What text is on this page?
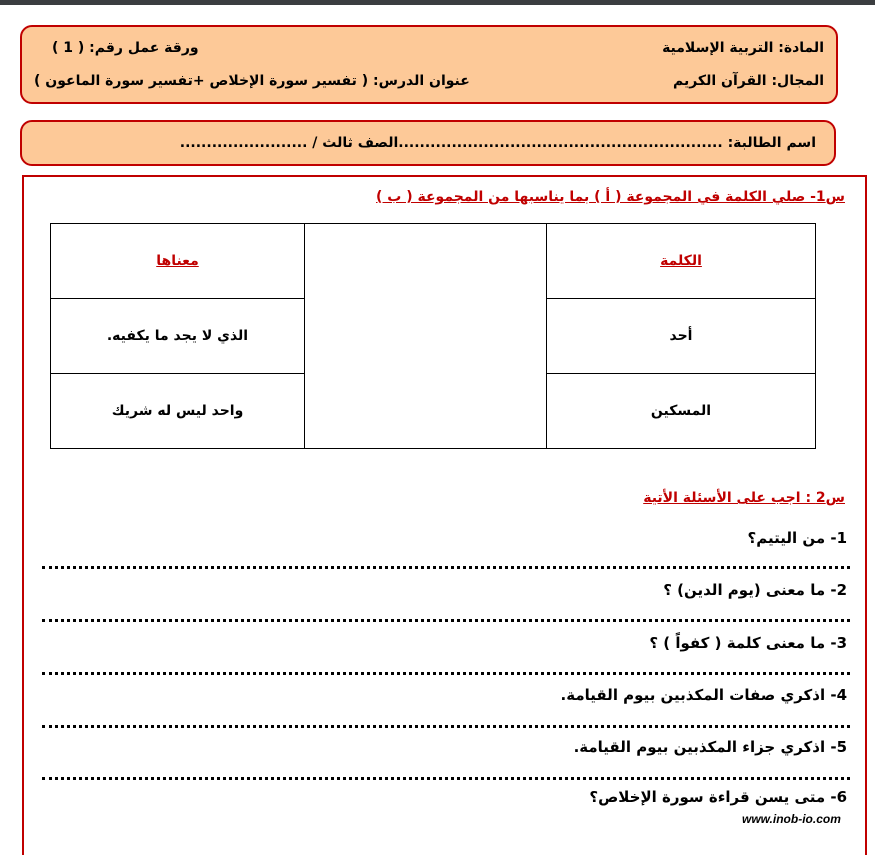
المادة: التربية الإسلامية
ورقة عمل رقم: ( 1 )
المجال: القرآن الكريم
عنوان الدرس: ( تفسير سورة الإخلاص +تفسير سورة الماعون )
اسم الطالبة: .............................................................الصف ثالث / ........................
س1- صلي الكلمة في المجموعة ( أ ) بما يناسبها من المجموعة ( ب )
الكلمة		معناها
أحد		الذي لا يجد ما يكفيه.
المسكين		واحد ليس له شريك
س2 : اجب على الأسئلة الأتية
1- من اليتيم؟
2- ما معنى (يوم الدين) ؟
3- ما معنى كلمة ( كفواً ) ؟
4- اذكري صفات المكذبين بيوم القيامة.
5- اذكري جزاء المكذبين بيوم القيامة.
6- متى يسن قراءة سورة الإخلاص؟
www.inob-io.com
